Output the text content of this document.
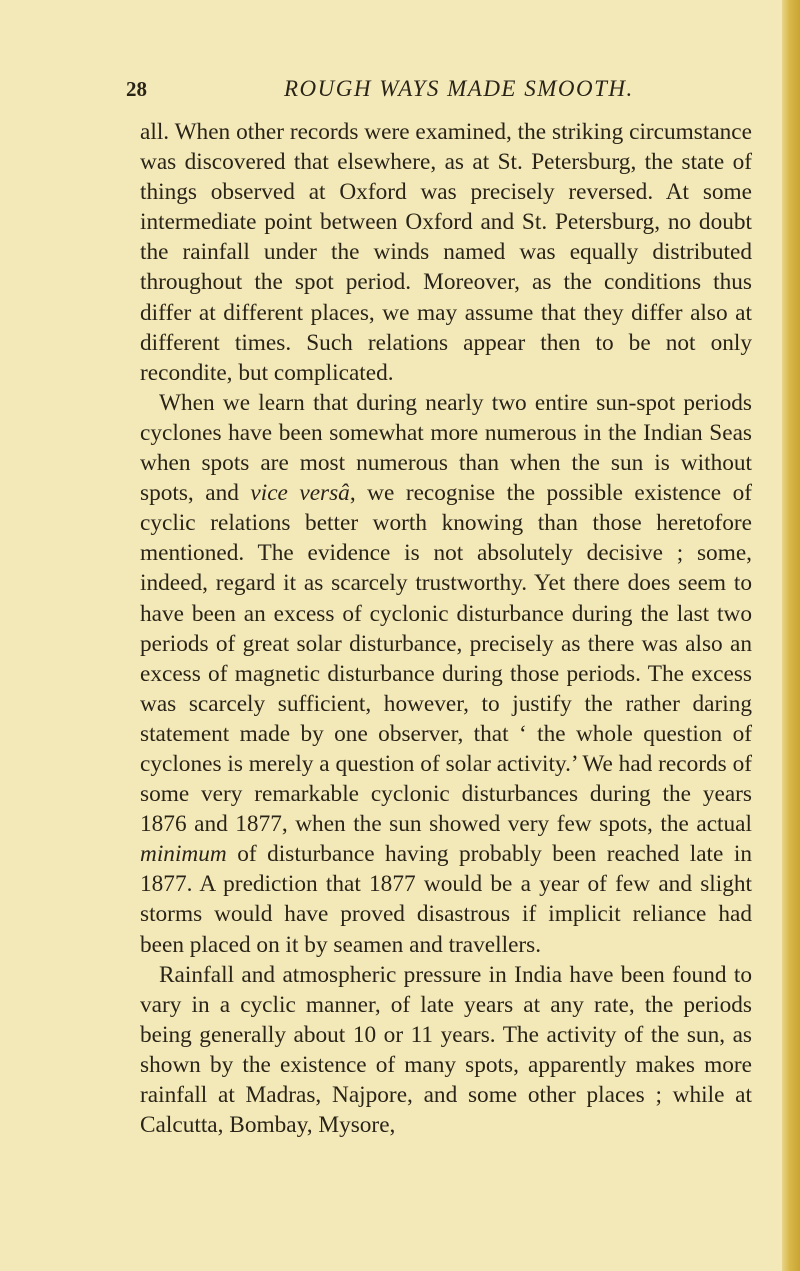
28	ROUGH WAYS MADE SMOOTH.

all. When other records were examined, the striking circumstance was discovered that elsewhere, as at St. Petersburg, the state of things observed at Oxford was precisely reversed. At some intermediate point between Oxford and St. Petersburg, no doubt the rainfall under the winds named was equally distributed throughout the spot period. Moreover, as the conditions thus differ at different places, we may assume that they differ also at different times. Such relations appear then to be not only recondite, but complicated.

When we learn that during nearly two entire sun-spot periods cyclones have been somewhat more numerous in the Indian Seas when spots are most numerous than when the sun is without spots, and vice versâ, we recognise the possible existence of cyclic relations better worth knowing than those heretofore mentioned. The evidence is not absolutely decisive ; some, indeed, regard it as scarcely trustworthy. Yet there does seem to have been an excess of cyclonic disturbance during the last two periods of great solar disturbance, precisely as there was also an excess of magnetic disturbance during those periods. The excess was scarcely sufficient, however, to justify the rather daring statement made by one observer, that ‘ the whole question of cyclones is merely a question of solar activity.’ We had records of some very remarkable cyclonic disturbances during the years 1876 and 1877, when the sun showed very few spots, the actual minimum of disturbance having probably been reached late in 1877. A prediction that 1877 would be a year of few and slight storms would have proved disastrous if implicit reliance had been placed on it by seamen and travellers.

Rainfall and atmospheric pressure in India have been found to vary in a cyclic manner, of late years at any rate, the periods being generally about 10 or 11 years. The activity of the sun, as shown by the existence of many spots, apparently makes more rainfall at Madras, Najpore, and some other places ; while at Calcutta, Bombay, Mysore,
